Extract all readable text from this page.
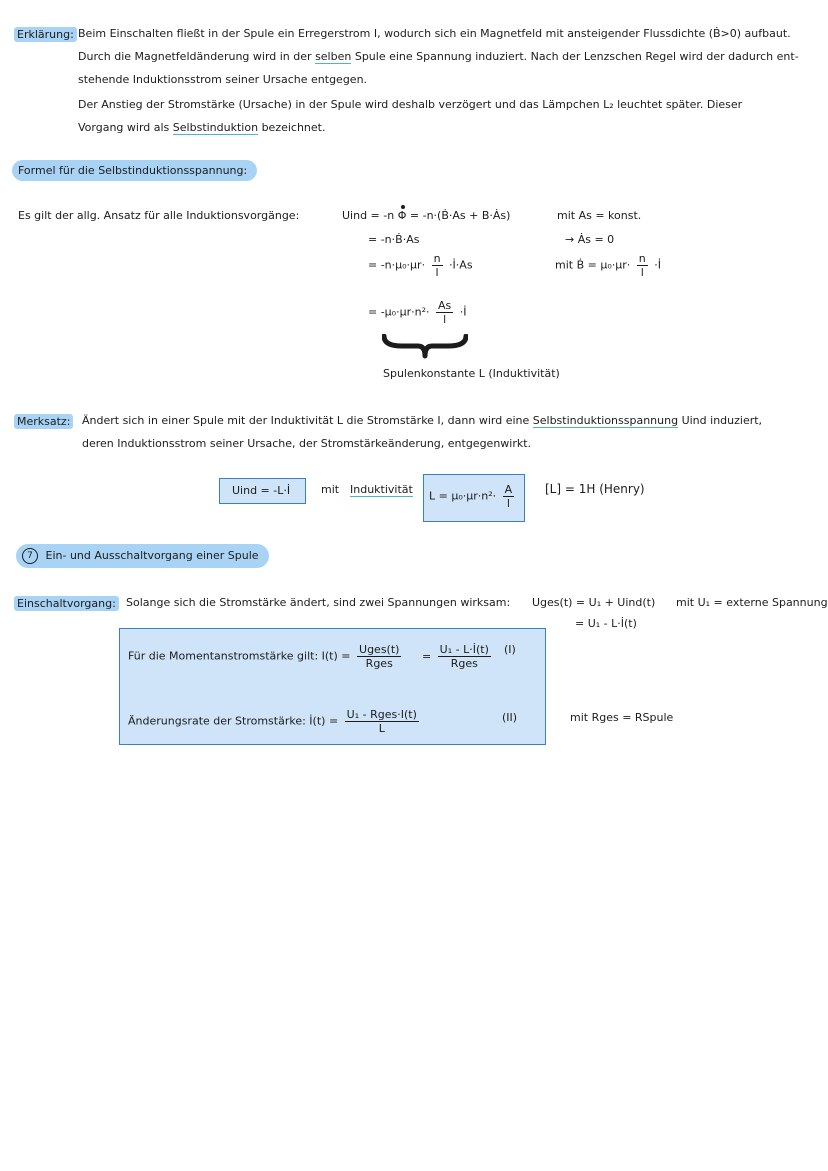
Erklärung: Beim Einschalten fließt in der Spule ein Erregerstrom I, wodurch sich ein Magnetfeld mit ansteigender Flussdichte (Ḃ>0) aufbaut.
Durch die Magnetfeldänderung wird in der selben Spule eine Spannung induziert. Nach der Lenzschen Regel wird der dadurch ent-
stehende Induktionsstrom seiner Ursache entgegen.
Der Anstieg der Stromstärke (Ursache) in der Spule wird deshalb verzögert und das Lämpchen L₂ leuchtet später. Dieser
Vorgang wird als Selbstinduktion bezeichnet.
Formel für die Selbstinduktionsspannung:
Es gilt der allg. Ansatz für alle Induktionsvorgänge:	Uind = -n Φ = -n·(Ḃ·As + B·Ȧs)	mit As = konst.
= -n·Ḃ·As	→ Ȧs = 0
= $-n\cdot\mu_0\cdot\mu r\cdot \frac{n}{l}$ ·İ·As	mit Ḃ = $\mu_0\cdot\mu r\cdot \frac{n}{l}$ ·İ
= $-\mu_0\cdot\mu r\cdot n^2\cdot \frac{As}{l}$ ·İ
Spulenkonstante L (Induktivität)
Merksatz: Ändert sich in einer Spule mit der Induktivität L die Stromstärke I, dann wird eine Selbstinduktionsspannung Uind induziert,
deren Induktionsstrom seiner Ursache, der Stromstärkeänderung, entgegenwirkt.
Uind = -L·İ	mit Induktivität $L = \mu_0\cdot\mu r\cdot n^2\cdot \frac{A}{l}$	[L] = 1H (Henry)
7 Ein- und Ausschaltvorgang einer Spule
Einschaltvorgang: Solange sich die Stromstärke ändert, sind zwei Spannungen wirksam: Uges(t) = U₁ + Uind(t) mit U₁ = externe Spannung
= U₁ - L·İ(t)
Für die Momentanstromstärke gilt: $I(t) = \frac{\text{Uges(t)}}{\text{Rges}} = \frac{\text{U₁ - L·İ(t)}}{\text{Rges}} (I)$
Änderungsrate der Stromstärke: İ(t) = $\frac{\text{U₁ - Rges·I(t)}}{L}$	(II)	mit Rges = RSpule
